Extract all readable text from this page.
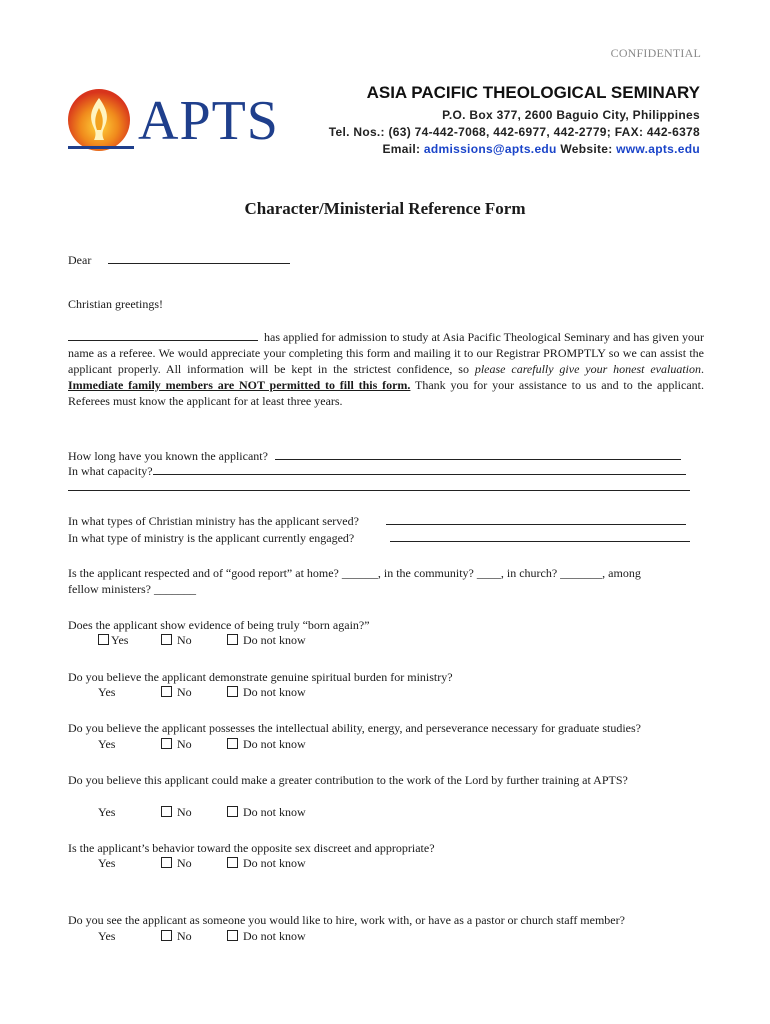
CONFIDENTIAL
APTS	ASIA PACIFIC THEOLOGICAL SEMINARY
P.O. Box 377, 2600 Baguio City, Philippines
Tel. Nos.: (63) 74-442-7068, 442-6977, 442-2779; FAX: 442-6378
Email: admissions@apts.edu Website: www.apts.edu
Character/Ministerial Reference Form
Dear
Christian greetings!
has applied for admission to study at Asia Pacific Theological Seminary and has given your name as a referee. We would appreciate your completing this form and mailing it to our Registrar PROMPTLY so we can assist the applicant properly. All information will be kept in the strictest confidence, so please carefully give your honest evaluation. Immediate family members are NOT permitted to fill this form. Thank you for your assistance to us and to the applicant. Referees must know the applicant for at least three years.
How long have you known the applicant?
In what capacity?
In what types of Christian ministry has the applicant served?
In what type of ministry is the applicant currently engaged?
Is the applicant respected and of “good report” at home? ______, in the community? ____, in church? _______, among
fellow ministers? _______
Does the applicant show evidence of being truly “born again?”
Yes	No	Do not know
Do you believe the applicant demonstrate genuine spiritual burden for ministry?
Yes	No	Do not know
Do you believe the applicant possesses the intellectual ability, energy, and perseverance necessary for graduate studies?
Yes	No	Do not know
Do you believe this applicant could make a greater contribution to the work of the Lord by further training at APTS?
Yes	No	Do not know
Is the applicant’s behavior toward the opposite sex discreet and appropriate?
Yes	No	Do not know
Do you see the applicant as someone you would like to hire, work with, or have as a pastor or church staff member?
Yes	No	Do not know
